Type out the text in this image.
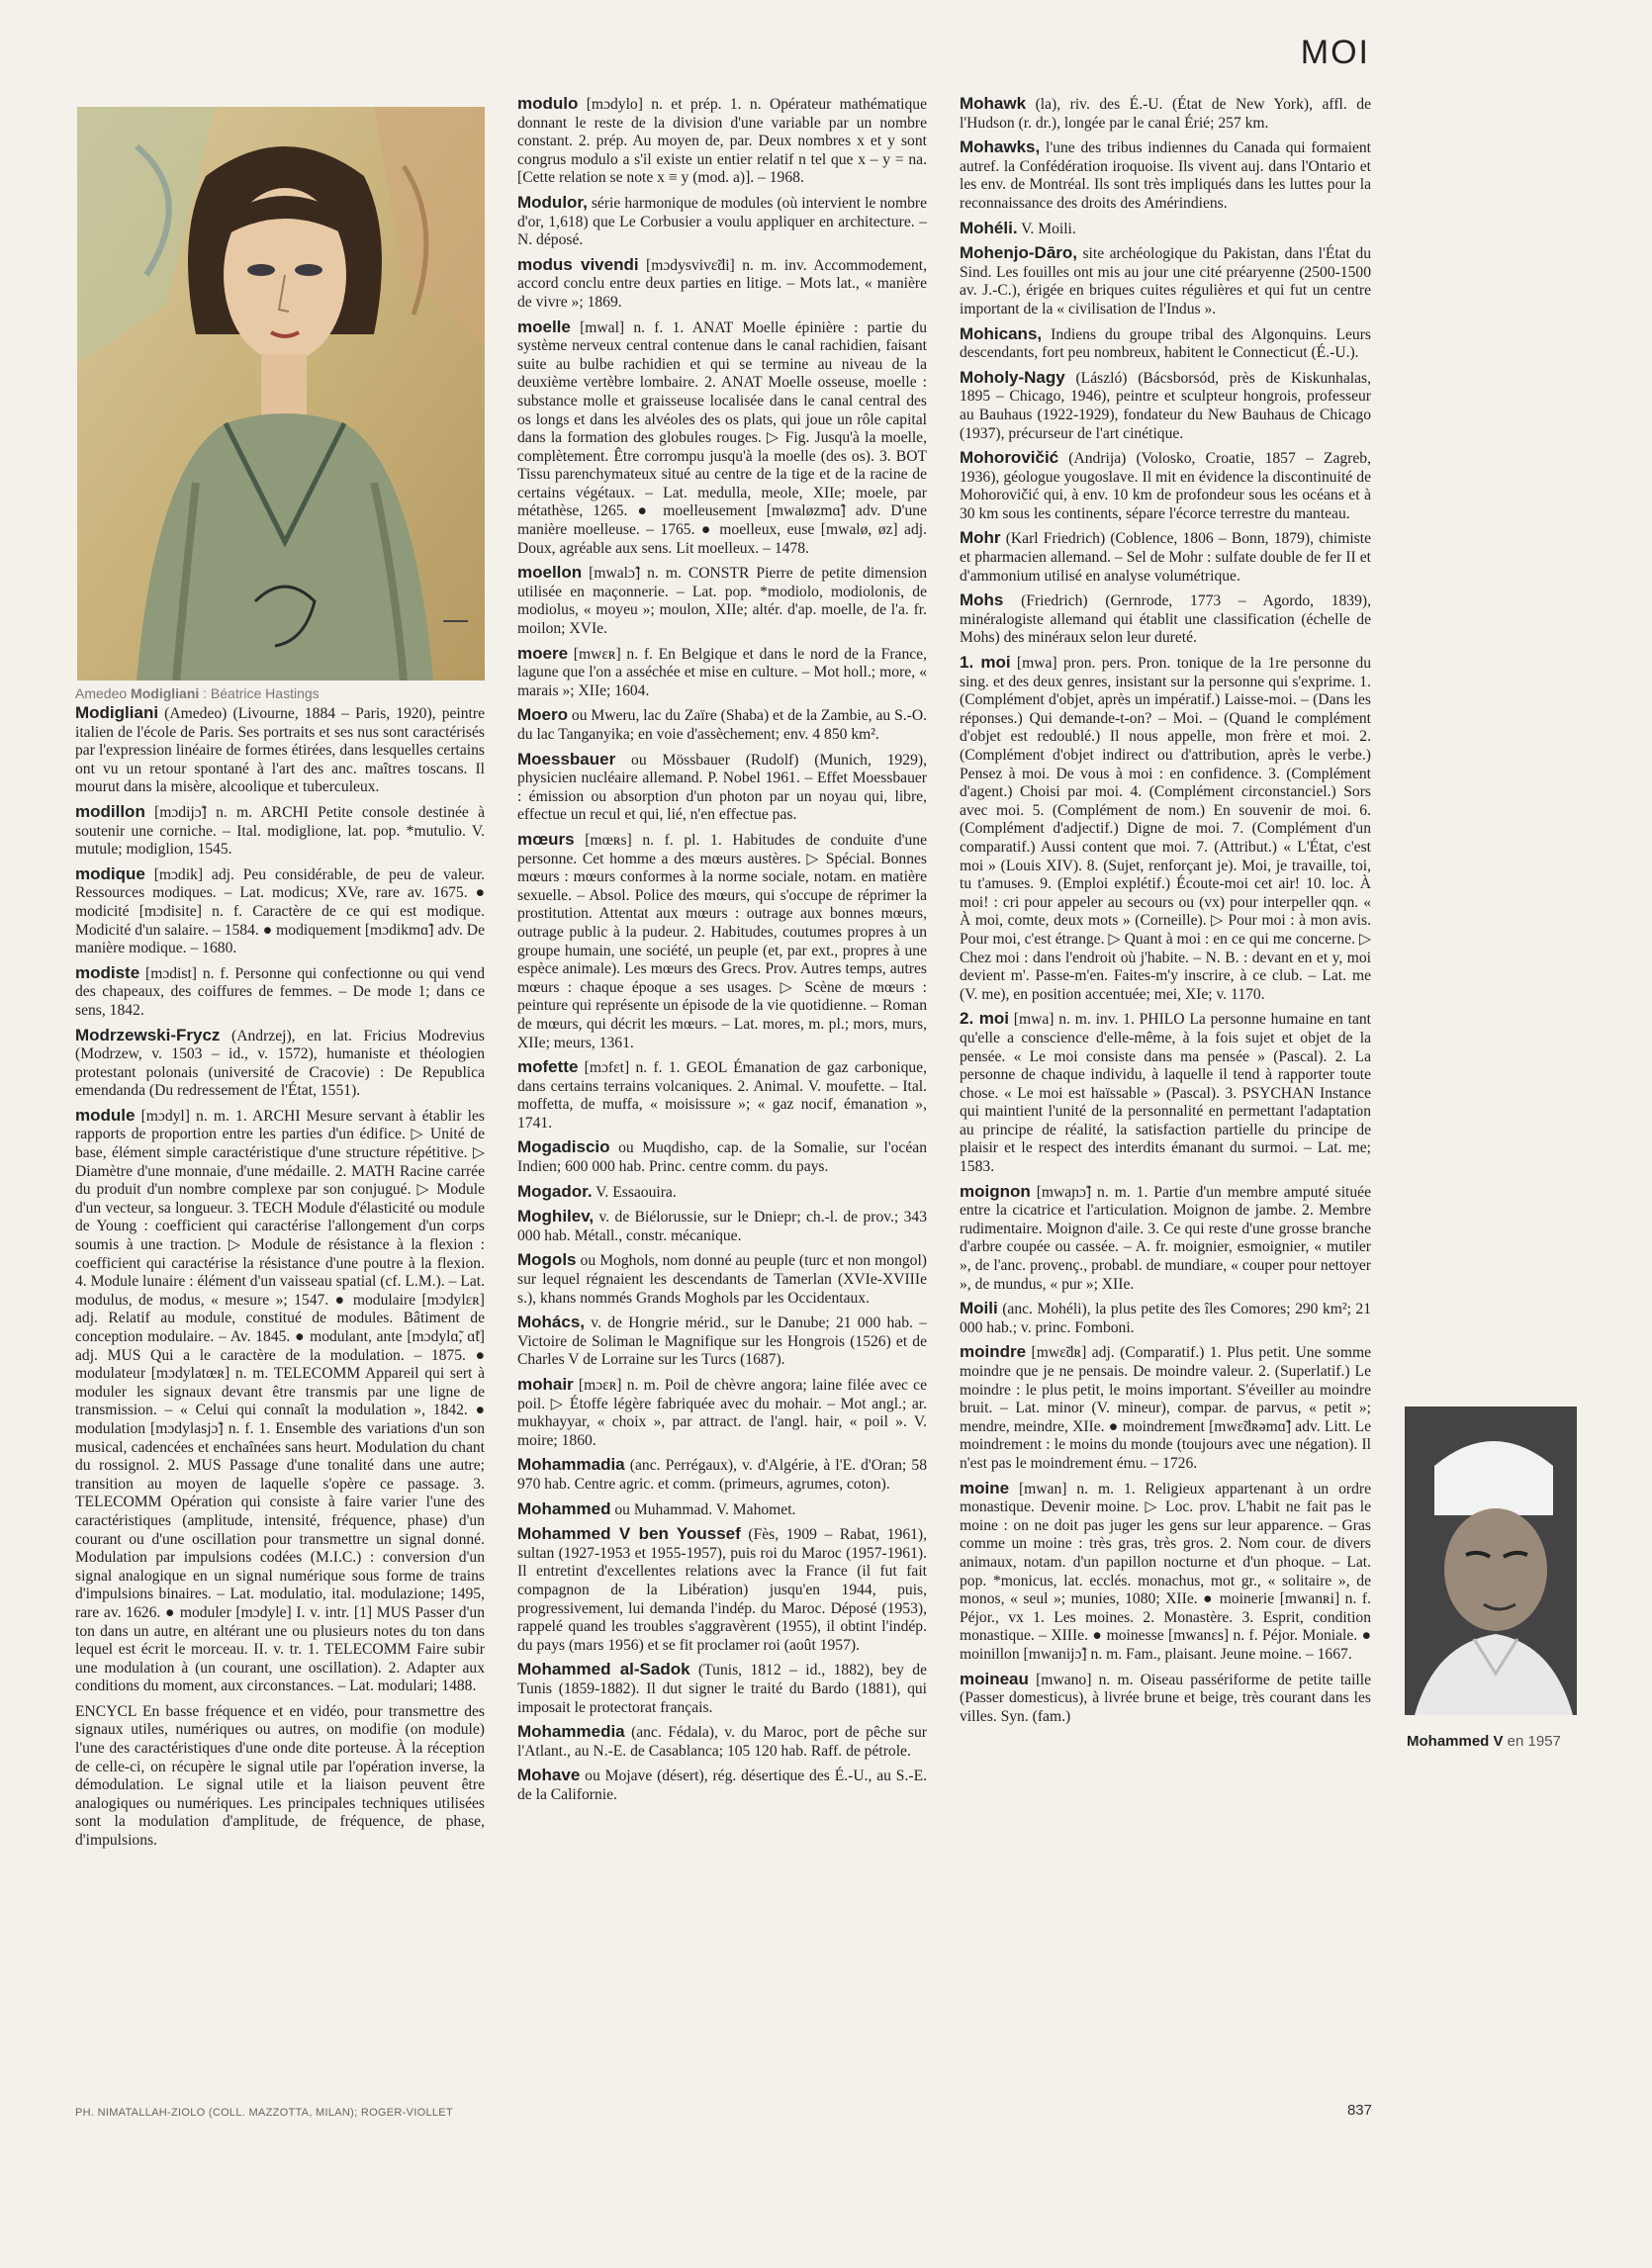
MOI
Amedeo Modigliani : Béatrice Hastings
Modigliani (Amedeo) (Livourne, 1884 – Paris, 1920), peintre italien de l'école de Paris. Ses portraits et ses nus sont caractérisés par l'expression linéaire de formes étirées, dans lesquelles certains ont vu un retour spontané à l'art des anc. maîtres toscans. Il mourut dans la misère, alcoolique et tuberculeux.
modillon [mɔdijɔ̃] n. m. ARCHI Petite console destinée à soutenir une corniche. – Ital. modiglione, lat. pop. *mutulio. V. mutule; modiglion, 1545.
modique [mɔdik] adj. Peu considérable, de peu de valeur. Ressources modiques. – Lat. modicus; XVe, rare av. 1675. ● modicité [mɔdisite] n. f. Caractère de ce qui est modique. Modicité d'un salaire. – 1584. ● modiquement [mɔdikmɑ̃] adv. De manière modique. – 1680.
modiste [mɔdist] n. f. Personne qui confectionne ou qui vend des chapeaux, des coiffures de femmes. – De mode 1; dans ce sens, 1842.
Modrzewski-Frycz (Andrzej), en lat. Fricius Modrevius (Modrzew, v. 1503 – id., v. 1572), humaniste et théologien protestant polonais (université de Cracovie) : De Republica emendanda (Du redressement de l'État, 1551).
module [mɔdyl] n. m. 1. ARCHI Mesure servant à établir les rapports de proportion entre les parties d'un édifice. ▷ Unité de base, élément simple caractéristique d'une structure répétitive. ▷ Diamètre d'une monnaie, d'une médaille. 2. MATH Racine carrée du produit d'un nombre complexe par son conjugué. ▷ Module d'un vecteur, sa longueur. 3. TECH Module d'élasticité ou module de Young : coefficient qui caractérise l'allongement d'un corps soumis à une traction. ▷ Module de résistance à la flexion : coefficient qui caractérise la résistance d'une poutre à la flexion. 4. Module lunaire : élément d'un vaisseau spatial (cf. L.M.). – Lat. modulus, de modus, « mesure »; 1547. ● modulaire [mɔdylɛʀ] adj. Relatif au module, constitué de modules. Bâtiment de conception modulaire. – Av. 1845. ● modulant, ante [mɔdylɑ̃, ɑ̃t] adj. MUS Qui a le caractère de la modulation. – 1875. ● modulateur [mɔdylatœʀ] n. m. TELECOMM Appareil qui sert à moduler les signaux devant être transmis par une ligne de transmission. – « Celui qui connaît la modulation », 1842. ● modulation [mɔdylasjɔ̃] n. f. 1. Ensemble des variations d'un son musical, cadencées et enchaînées sans heurt. Modulation du chant du rossignol. 2. MUS Passage d'une tonalité dans une autre; transition au moyen de laquelle s'opère ce passage. 3. TELECOMM Opération qui consiste à faire varier l'une des caractéristiques (amplitude, intensité, fréquence, phase) d'un courant ou d'une oscillation pour transmettre un signal donné. Modulation par impulsions codées (M.I.C.) : conversion d'un signal analogique en un signal numérique sous forme de trains d'impulsions binaires. – Lat. modulatio, ital. modulazione; 1495, rare av. 1626. ● moduler [mɔdyle] I. v. intr. [1] MUS Passer d'un ton dans un autre, en altérant une ou plusieurs notes du ton dans lequel est écrit le morceau. II. v. tr. 1. TELECOMM Faire subir une modulation à (un courant, une oscillation). 2. Adapter aux conditions du moment, aux circonstances. – Lat. modulari; 1488.
ENCYCL En basse fréquence et en vidéo, pour transmettre des signaux utiles, numériques ou autres, on modifie (on module) l'une des caractéristiques d'une onde dite porteuse. À la réception de celle-ci, on récupère le signal utile par l'opération inverse, la démodulation. Le signal utile et la liaison peuvent être analogiques ou numériques. Les principales techniques utilisées sont la modulation d'amplitude, de fréquence, de phase, d'impulsions.
modulo [mɔdylo] n. et prép. 1. n. Opérateur mathématique donnant le reste de la division d'une variable par un nombre constant. 2. prép. Au moyen de, par. Deux nombres x et y sont congrus modulo a s'il existe un entier relatif n tel que x – y = na. [Cette relation se note x ≡ y (mod. a)]. – 1968.
Modulor, série harmonique de modules (où intervient le nombre d'or, 1,618) que Le Corbusier a voulu appliquer en architecture. – N. déposé.
modus vivendi [mɔdysvivɛ̃di] n. m. inv. Accommodement, accord conclu entre deux parties en litige. – Mots lat., « manière de vivre »; 1869.
moelle [mwal] n. f. 1. ANAT Moelle épinière : partie du système nerveux central contenue dans le canal rachidien, faisant suite au bulbe rachidien et qui se termine au niveau de la deuxième vertèbre lombaire. 2. ANAT Moelle osseuse, moelle : substance molle et graisseuse localisée dans le canal central des os longs et dans les alvéoles des os plats, qui joue un rôle capital dans la formation des globules rouges. ▷ Fig. Jusqu'à la moelle, complètement. Être corrompu jusqu'à la moelle (des os). 3. BOT Tissu parenchymateux situé au centre de la tige et de la racine de certains végétaux. – Lat. medulla, meole, XIIe; moele, par métathèse, 1265. ● moelleusement [mwaløzmɑ̃] adv. D'une manière moelleuse. – 1765. ● moelleux, euse [mwalø, øz] adj. Doux, agréable aux sens. Lit moelleux. – 1478.
moellon [mwalɔ̃] n. m. CONSTR Pierre de petite dimension utilisée en maçonnerie. – Lat. pop. *modiolo, modiolonis, de modiolus, « moyeu »; moulon, XIIe; altér. d'ap. moelle, de l'a. fr. moilon; XVIe.
moere [mwɛʀ] n. f. En Belgique et dans le nord de la France, lagune que l'on a asséchée et mise en culture. – Mot holl.; more, « marais »; XIIe; 1604.
Moero ou Mweru, lac du Zaïre (Shaba) et de la Zambie, au S.-O. du lac Tanganyika; en voie d'assèchement; env. 4 850 km².
Moessbauer ou Mössbauer (Rudolf) (Munich, 1929), physicien nucléaire allemand. P. Nobel 1961. – Effet Moessbauer : émission ou absorption d'un photon par un noyau qui, libre, effectue un recul et qui, lié, n'en effectue pas.
mœurs [mœʀs] n. f. pl. 1. Habitudes de conduite d'une personne. Cet homme a des mœurs austères. ▷ Spécial. Bonnes mœurs : mœurs conformes à la norme sociale, notam. en matière sexuelle. – Absol. Police des mœurs, qui s'occupe de réprimer la prostitution. Attentat aux mœurs : outrage aux bonnes mœurs, outrage public à la pudeur. 2. Habitudes, coutumes propres à un groupe humain, une société, un peuple (et, par ext., propres à une espèce animale). Les mœurs des Grecs. Prov. Autres temps, autres mœurs : chaque époque a ses usages. ▷ Scène de mœurs : peinture qui représente un épisode de la vie quotidienne. – Roman de mœurs, qui décrit les mœurs. – Lat. mores, m. pl.; mors, murs, XIIe; meurs, 1361.
mofette [mɔfɛt] n. f. 1. GEOL Émanation de gaz carbonique, dans certains terrains volcaniques. 2. Animal. V. moufette. – Ital. moffetta, de muffa, « moisissure »; « gaz nocif, émanation », 1741.
Mogadiscio ou Muqdisho, cap. de la Somalie, sur l'océan Indien; 600 000 hab. Princ. centre comm. du pays.
Mogador. V. Essaouira.
Moghilev, v. de Biélorussie, sur le Dniepr; ch.-l. de prov.; 343 000 hab. Métall., constr. mécanique.
Mogols ou Moghols, nom donné au peuple (turc et non mongol) sur lequel régnaient les descendants de Tamerlan (XVIe-XVIIIe s.), khans nommés Grands Moghols par les Occidentaux.
Mohács, v. de Hongrie mérid., sur le Danube; 21 000 hab. – Victoire de Soliman le Magnifique sur les Hongrois (1526) et de Charles V de Lorraine sur les Turcs (1687).
mohair [mɔɛʀ] n. m. Poil de chèvre angora; laine filée avec ce poil. ▷ Étoffe légère fabriquée avec du mohair. – Mot angl.; ar. mukhayyar, « choix », par attract. de l'angl. hair, « poil ». V. moire; 1860.
Mohammadia (anc. Perrégaux), v. d'Algérie, à l'E. d'Oran; 58 970 hab. Centre agric. et comm. (primeurs, agrumes, coton).
Mohammed ou Muhammad. V. Mahomet.
Mohammed V ben Youssef (Fès, 1909 – Rabat, 1961), sultan (1927-1953 et 1955-1957), puis roi du Maroc (1957-1961). Il entretint d'excellentes relations avec la France (il fut fait compagnon de la Libération) jusqu'en 1944, puis, progressivement, lui demanda l'indép. du Maroc. Déposé (1953), rappelé quand les troubles s'aggravèrent (1955), il obtint l'indép. du pays (mars 1956) et se fit proclamer roi (août 1957).
Mohammed al-Sadok (Tunis, 1812 – id., 1882), bey de Tunis (1859-1882). Il dut signer le traité du Bardo (1881), qui imposait le protectorat français.
Mohammedia (anc. Fédala), v. du Maroc, port de pêche sur l'Atlant., au N.-E. de Casablanca; 105 120 hab. Raff. de pétrole.
Mohave ou Mojave (désert), rég. désertique des É.-U., au S.-E. de la Californie.
Mohawk (la), riv. des É.-U. (État de New York), affl. de l'Hudson (r. dr.), longée par le canal Érié; 257 km.
Mohawks, l'une des tribus indiennes du Canada qui formaient autref. la Confédération iroquoise. Ils vivent auj. dans l'Ontario et les env. de Montréal. Ils sont très impliqués dans les luttes pour la reconnaissance des droits des Amérindiens.
Mohéli. V. Moili.
Mohenjo-Dāro, site archéologique du Pakistan, dans l'État du Sind. Les fouilles ont mis au jour une cité préaryenne (2500-1500 av. J.-C.), érigée en briques cuites régulières et qui fut un centre important de la « civilisation de l'Indus ».
Mohicans, Indiens du groupe tribal des Algonquins. Leurs descendants, fort peu nombreux, habitent le Connecticut (É.-U.).
Moholy-Nagy (László) (Bácsborsód, près de Kiskunhalas, 1895 – Chicago, 1946), peintre et sculpteur hongrois, professeur au Bauhaus (1922-1929), fondateur du New Bauhaus de Chicago (1937), précurseur de l'art cinétique.
Mohorovičić (Andrija) (Volosko, Croatie, 1857 – Zagreb, 1936), géologue yougoslave. Il mit en évidence la discontinuité de Mohorovičić qui, à env. 10 km de profondeur sous les océans et à 30 km sous les continents, sépare l'écorce terrestre du manteau.
Mohr (Karl Friedrich) (Coblence, 1806 – Bonn, 1879), chimiste et pharmacien allemand. – Sel de Mohr : sulfate double de fer II et d'ammonium utilisé en analyse volumétrique.
Mohs (Friedrich) (Gernrode, 1773 – Agordo, 1839), minéralogiste allemand qui établit une classification (échelle de Mohs) des minéraux selon leur dureté.
1. moi [mwa] pron. pers. Pron. tonique de la 1re personne du sing. et des deux genres, insistant sur la personne qui s'exprime. 1. (Complément d'objet, après un impératif.) Laisse-moi. – (Dans les réponses.) Qui demande-t-on? – Moi. – (Quand le complément d'objet est redoublé.) Il nous appelle, mon frère et moi. 2. (Complément d'objet indirect ou d'attribution, après le verbe.) Pensez à moi. De vous à moi : en confidence. 3. (Complément d'agent.) Choisi par moi. 4. (Complément circonstanciel.) Sors avec moi. 5. (Complément de nom.) En souvenir de moi. 6. (Complément d'adjectif.) Digne de moi. 7. (Complément d'un comparatif.) Aussi content que moi. 7. (Attribut.) « L'État, c'est moi » (Louis XIV). 8. (Sujet, renforçant je). Moi, je travaille, toi, tu t'amuses. 9. (Emploi explétif.) Écoute-moi cet air! 10. loc. À moi! : cri pour appeler au secours ou (vx) pour interpeller qqn. « À moi, comte, deux mots » (Corneille). ▷ Pour moi : à mon avis. Pour moi, c'est étrange. ▷ Quant à moi : en ce qui me concerne. ▷ Chez moi : dans l'endroit où j'habite. – N. B. : devant en et y, moi devient m'. Passe-m'en. Faites-m'y inscrire, à ce club. – Lat. me (V. me), en position accentuée; mei, XIe; v. 1170.
2. moi [mwa] n. m. inv. 1. PHILO La personne humaine en tant qu'elle a conscience d'elle-même, à la fois sujet et objet de la pensée. « Le moi consiste dans ma pensée » (Pascal). 2. La personne de chaque individu, à laquelle il tend à rapporter toute chose. « Le moi est haïssable » (Pascal). 3. PSYCHAN Instance qui maintient l'unité de la personnalité en permettant l'adaptation au principe de réalité, la satisfaction partielle du principe de plaisir et le respect des interdits émanant du surmoi. – Lat. me; 1583.
moignon [mwaɲɔ̃] n. m. 1. Partie d'un membre amputé située entre la cicatrice et l'articulation. Moignon de jambe. 2. Membre rudimentaire. Moignon d'aile. 3. Ce qui reste d'une grosse branche d'arbre coupée ou cassée. – A. fr. moignier, esmoignier, « mutiler », de l'anc. provenç., probabl. de mundiare, « couper pour nettoyer », de mundus, « pur »; XIIe.
Moili (anc. Mohéli), la plus petite des îles Comores; 290 km²; 21 000 hab.; v. princ. Fomboni.
moindre [mwɛ̃dʀ] adj. (Comparatif.) 1. Plus petit. Une somme moindre que je ne pensais. De moindre valeur. 2. (Superlatif.) Le moindre : le plus petit, le moins important. S'éveiller au moindre bruit. – Lat. minor (V. mineur), compar. de parvus, « petit »; mendre, meindre, XIIe. ● moindrement [mwɛ̃dʀəmɑ̃] adv. Litt. Le moindrement : le moins du monde (toujours avec une négation). Il n'est pas le moindrement ému. – 1726.
moine [mwan] n. m. 1. Religieux appartenant à un ordre monastique. Devenir moine. ▷ Loc. prov. L'habit ne fait pas le moine : on ne doit pas juger les gens sur leur apparence. – Gras comme un moine : très gras, très gros. 2. Nom cour. de divers animaux, notam. d'un papillon nocturne et d'un phoque. – Lat. pop. *monicus, lat. ecclés. monachus, mot gr., « solitaire », de monos, « seul »; munies, 1080; XIIe. ● moinerie [mwanʀi] n. f. Péjor., vx 1. Les moines. 2. Monastère. 3. Esprit, condition monastique. – XIIIe. ● moinesse [mwanɛs] n. f. Péjor. Moniale. ● moinillon [mwanijɔ̃] n. m. Fam., plaisant. Jeune moine. – 1667.
moineau [mwano] n. m. Oiseau passériforme de petite taille (Passer domesticus), à livrée brune et beige, très courant dans les villes. Syn. (fam.)
Mohammed V en 1957
PH. NIMATALLAH-ZIOLO (COLL. MAZZOTTA, MILAN); ROGER-VIOLLET	837
